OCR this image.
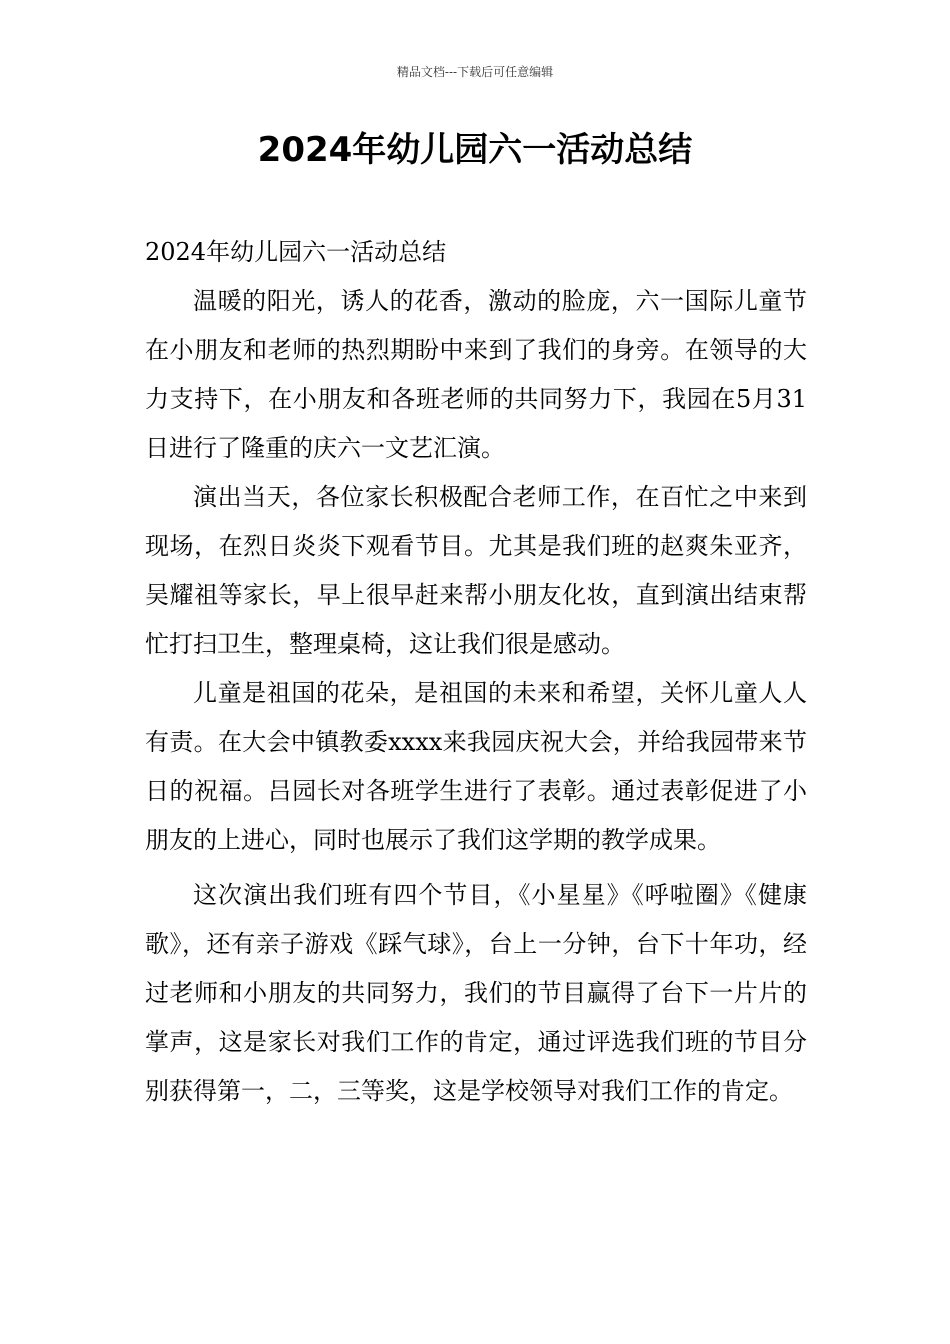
精品文档---下载后可任意编辑
2024年幼儿园六一活动总结

2024年幼儿园六一活动总结

温暖的阳光，诱人的花香，激动的脸庞，六一国际儿童节在小朋友和老师的热烈期盼中来到了我们的身旁。在领导的大力支持下，在小朋友和各班老师的共同努力下，我园在5月31日进行了隆重的庆六一文艺汇演。

演出当天，各位家长积极配合老师工作，在百忙之中来到现场，在烈日炎炎下观看节目。尤其是我们班的赵爽朱亚齐，吴耀祖等家长，早上很早赶来帮小朋友化妆，直到演出结束帮忙打扫卫生，整理桌椅，这让我们很是感动。

儿童是祖国的花朵，是祖国的未来和希望，关怀儿童人人有责。在大会中镇教委xxxx来我园庆祝大会，并给我园带来节日的祝福。吕园长对各班学生进行了表彰。通过表彰促进了小朋友的上进心，同时也展示了我们这学期的教学成果。

这次演出我们班有四个节目，《小星星》《呼啦圈》《健康歌》，还有亲子游戏《踩气球》，台上一分钟，台下十年功，经过老师和小朋友的共同努力，我们的节目赢得了台下一片片的掌声，这是家长对我们工作的肯定，通过评选我们班的节目分别获得第一，二，三等奖，这是学校领导对我们工作的肯定。
